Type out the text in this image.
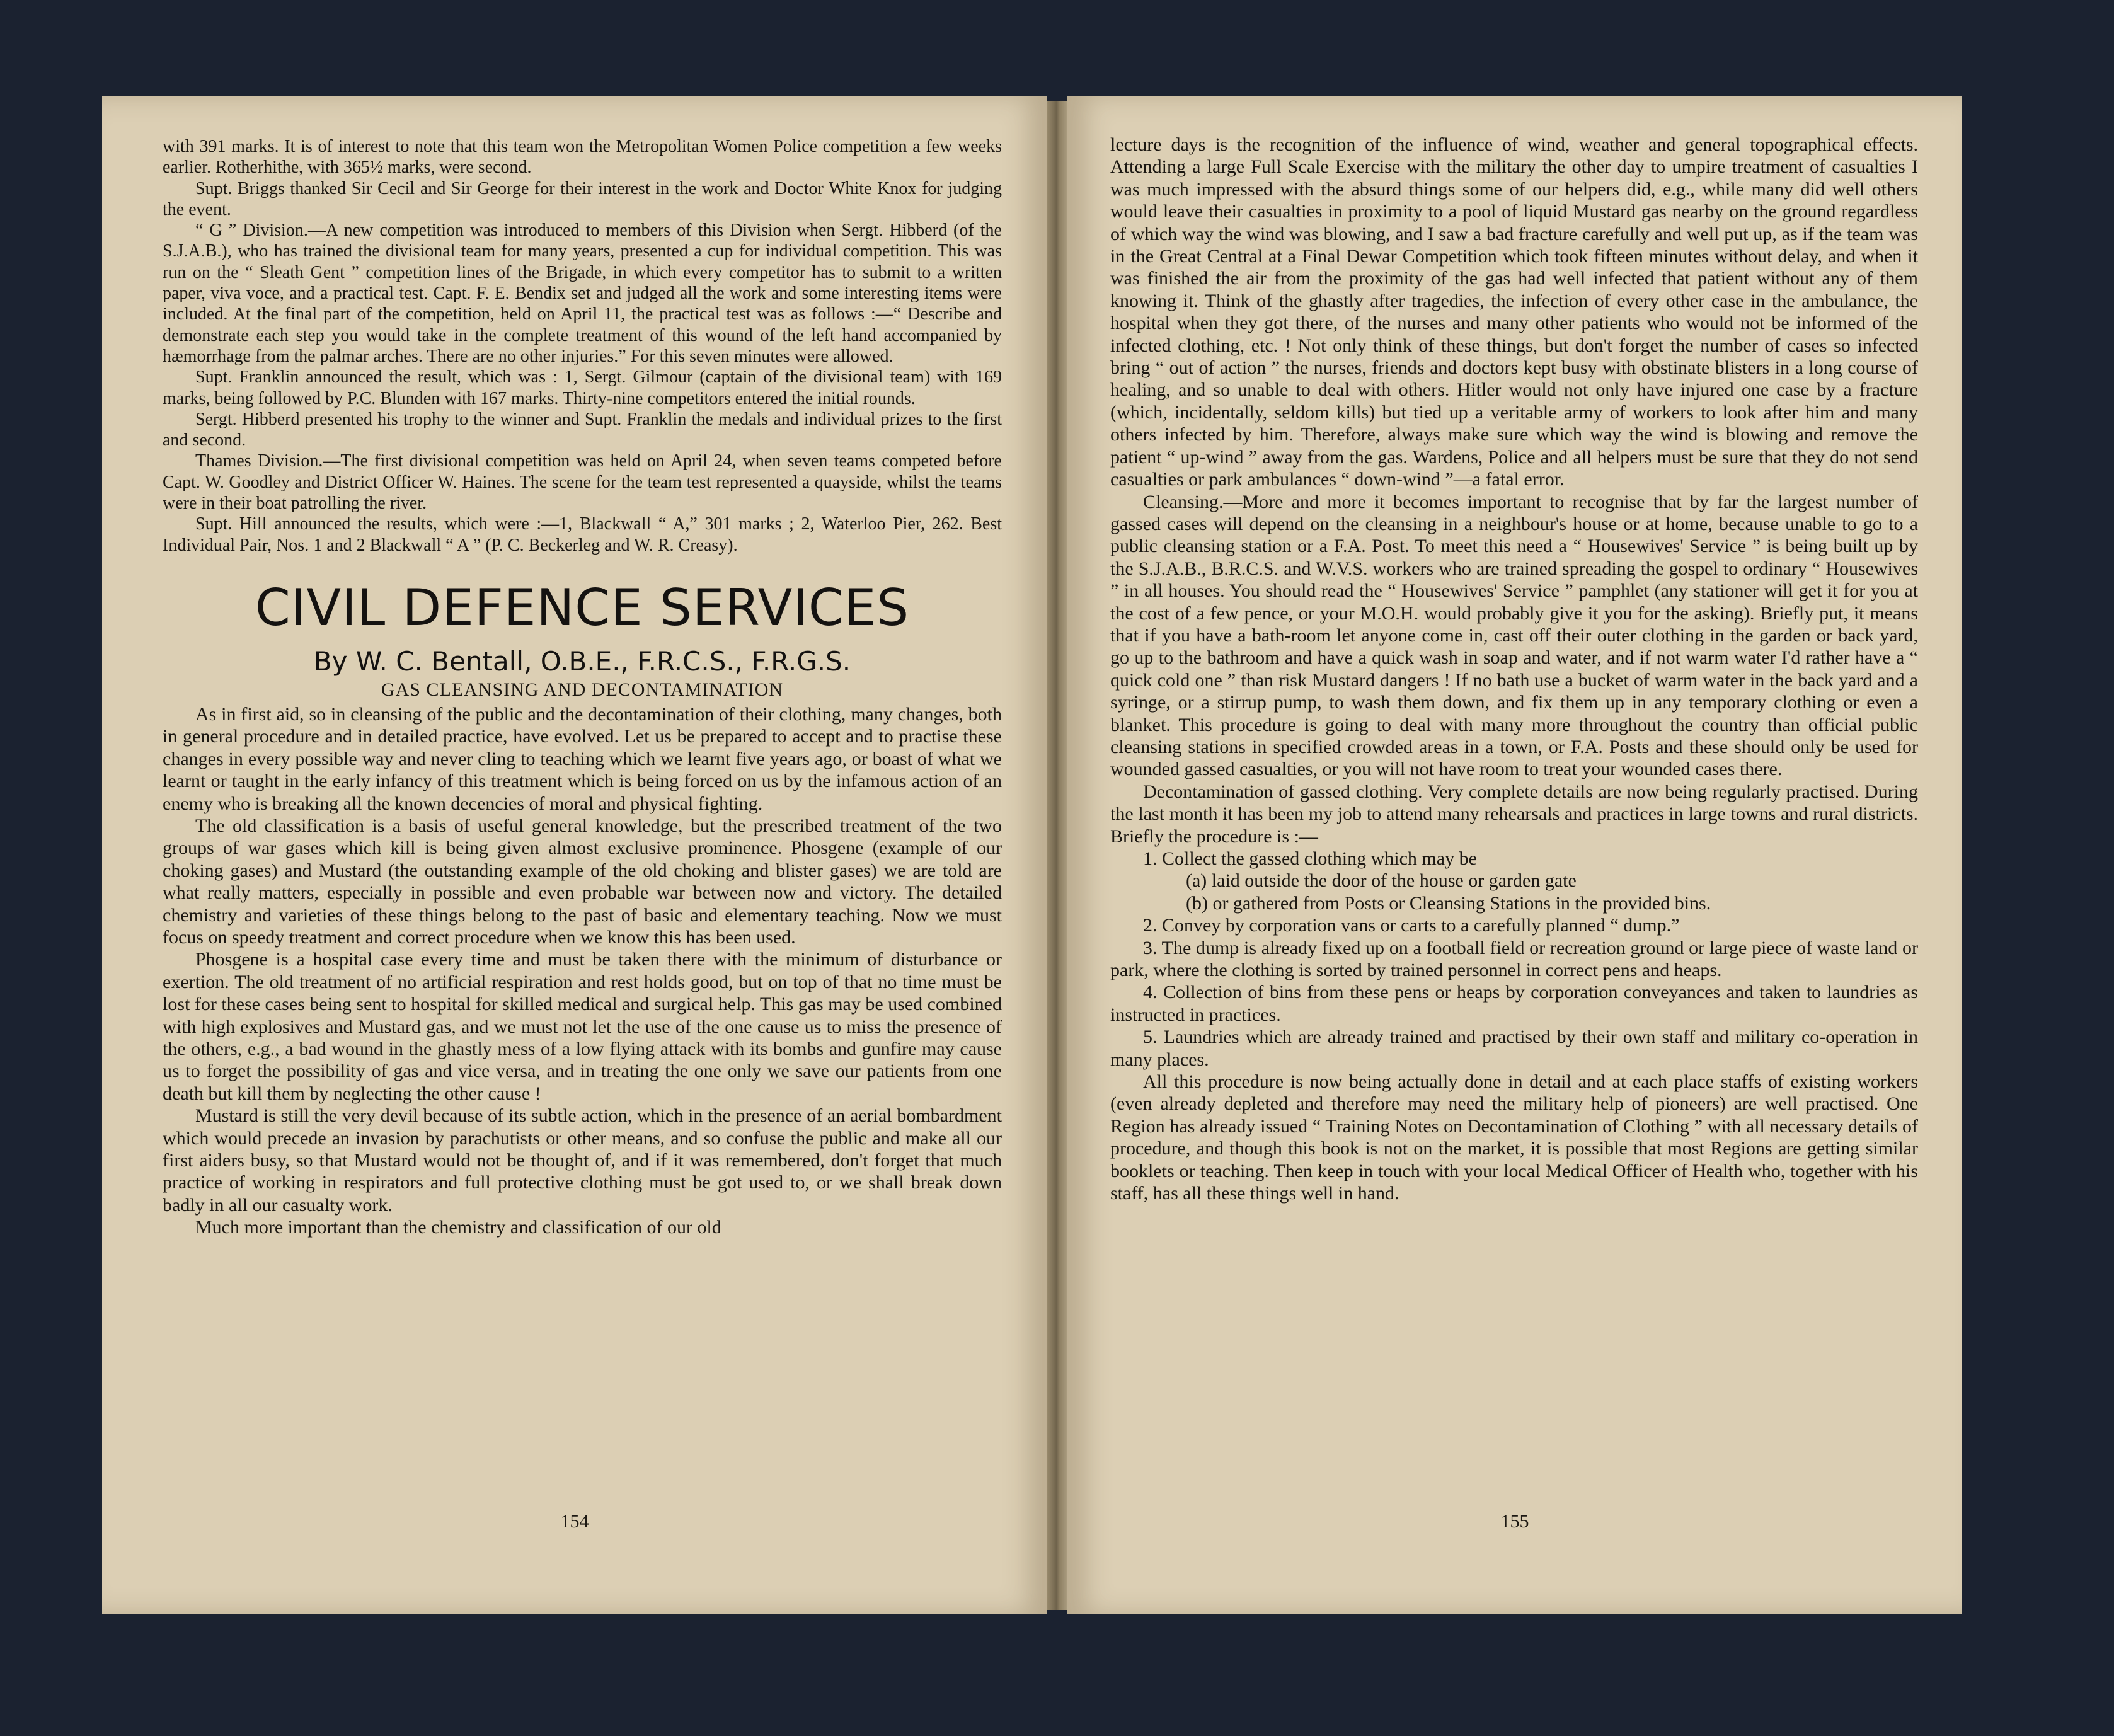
with 391 marks. It is of interest to note that this team won the Metropolitan Women Police competition a few weeks earlier. Rotherhithe, with 365½ marks, were second.

Supt. Briggs thanked Sir Cecil and Sir George for their interest in the work and Doctor White Knox for judging the event.

“ G ” Division.—A new competition was introduced to members of this Division when Sergt. Hibberd (of the S.J.A.B.), who has trained the divisional team for many years, presented a cup for individual competition. This was run on the “ Sleath Gent ” competition lines of the Brigade, in which every competitor has to submit to a written paper, viva voce, and a practical test. Capt. F. E. Bendix set and judged all the work and some interesting items were included. At the final part of the competition, held on April 11, the practical test was as follows :—“ Describe and demonstrate each step you would take in the complete treatment of this wound of the left hand accompanied by hæmorrhage from the palmar arches. There are no other injuries.” For this seven minutes were allowed.

Supt. Franklin announced the result, which was : 1, Sergt. Gilmour (captain of the divisional team) with 169 marks, being followed by P.C. Blunden with 167 marks. Thirty-nine competitors entered the initial rounds.

Sergt. Hibberd presented his trophy to the winner and Supt. Franklin the medals and individual prizes to the first and second.

Thames Division.—The first divisional competition was held on April 24, when seven teams competed before Capt. W. Goodley and District Officer W. Haines. The scene for the team test represented a quayside, whilst the teams were in their boat patrolling the river.

Supt. Hill announced the results, which were :—1, Blackwall “ A,” 301 marks ; 2, Waterloo Pier, 262. Best Individual Pair, Nos. 1 and 2 Blackwall “ A ” (P. C. Beckerleg and W. R. Creasy).

CIVIL DEFENCE SERVICES
By W. C. Bentall, O.B.E., F.R.C.S., F.R.G.S.
GAS CLEANSING AND DECONTAMINATION

As in first aid, so in cleansing of the public and the decontamination of their clothing, many changes, both in general procedure and in detailed practice, have evolved. Let us be prepared to accept and to practise these changes in every possible way and never cling to teaching which we learnt five years ago, or boast of what we learnt or taught in the early infancy of this treatment which is being forced on us by the infamous action of an enemy who is breaking all the known decencies of moral and physical fighting.

The old classification is a basis of useful general knowledge, but the prescribed treatment of the two groups of war gases which kill is being given almost exclusive prominence. Phosgene (example of our choking gases) and Mustard (the outstanding example of the old choking and blister gases) we are told are what really matters, especially in possible and even probable war between now and victory. The detailed chemistry and varieties of these things belong to the past of basic and elementary teaching. Now we must focus on speedy treatment and correct procedure when we know this has been used.

Phosgene is a hospital case every time and must be taken there with the minimum of disturbance or exertion. The old treatment of no artificial respiration and rest holds good, but on top of that no time must be lost for these cases being sent to hospital for skilled medical and surgical help. This gas may be used combined with high explosives and Mustard gas, and we must not let the use of the one cause us to miss the presence of the others, e.g., a bad wound in the ghastly mess of a low flying attack with its bombs and gunfire may cause us to forget the possibility of gas and vice versa, and in treating the one only we save our patients from one death but kill them by neglecting the other cause !

Mustard is still the very devil because of its subtle action, which in the presence of an aerial bombardment which would precede an invasion by parachutists or other means, and so confuse the public and make all our first aiders busy, so that Mustard would not be thought of, and if it was remembered, don't forget that much practice of working in respirators and full protective clothing must be got used to, or we shall break down badly in all our casualty work.

Much more important than the chemistry and classification of our old

154

lecture days is the recognition of the influence of wind, weather and general topographical effects. Attending a large Full Scale Exercise with the military the other day to umpire treatment of casualties I was much impressed with the absurd things some of our helpers did, e.g., while many did well others would leave their casualties in proximity to a pool of liquid Mustard gas nearby on the ground regardless of which way the wind was blowing, and I saw a bad fracture carefully and well put up, as if the team was in the Great Central at a Final Dewar Competition which took fifteen minutes without delay, and when it was finished the air from the proximity of the gas had well infected that patient without any of them knowing it. Think of the ghastly after tragedies, the infection of every other case in the ambulance, the hospital when they got there, of the nurses and many other patients who would not be informed of the infected clothing, etc. ! Not only think of these things, but don't forget the number of cases so infected bring “ out of action ” the nurses, friends and doctors kept busy with obstinate blisters in a long course of healing, and so unable to deal with others. Hitler would not only have injured one case by a fracture (which, incidentally, seldom kills) but tied up a veritable army of workers to look after him and many others infected by him. Therefore, always make sure which way the wind is blowing and remove the patient “ up-wind ” away from the gas. Wardens, Police and all helpers must be sure that they do not send casualties or park ambulances “ down-wind ”—a fatal error.

Cleansing.—More and more it becomes important to recognise that by far the largest number of gassed cases will depend on the cleansing in a neighbour's house or at home, because unable to go to a public cleansing station or a F.A. Post. To meet this need a “ Housewives' Service ” is being built up by the S.J.A.B., B.R.C.S. and W.V.S. workers who are trained spreading the gospel to ordinary “ Housewives ” in all houses. You should read the “ Housewives' Service ” pamphlet (any stationer will get it for you at the cost of a few pence, or your M.O.H. would probably give it you for the asking). Briefly put, it means that if you have a bath-room let anyone come in, cast off their outer clothing in the garden or back yard, go up to the bathroom and have a quick wash in soap and water, and if not warm water I'd rather have a “ quick cold one ” than risk Mustard dangers ! If no bath use a bucket of warm water in the back yard and a syringe, or a stirrup pump, to wash them down, and fix them up in any temporary clothing or even a blanket. This procedure is going to deal with many more throughout the country than official public cleansing stations in specified crowded areas in a town, or F.A. Posts and these should only be used for wounded gassed casualties, or you will not have room to treat your wounded cases there.

Decontamination of gassed clothing. Very complete details are now being regularly practised. During the last month it has been my job to attend many rehearsals and practices in large towns and rural districts. Briefly the procedure is :—

1. Collect the gassed clothing which may be

(a) laid outside the door of the house or garden gate

(b) or gathered from Posts or Cleansing Stations in the provided bins.

2. Convey by corporation vans or carts to a carefully planned “ dump.”

3. The dump is already fixed up on a football field or recreation ground or large piece of waste land or park, where the clothing is sorted by trained personnel in correct pens and heaps.

4. Collection of bins from these pens or heaps by corporation conveyances and taken to laundries as instructed in practices.

5. Laundries which are already trained and practised by their own staff and military co-operation in many places.

All this procedure is now being actually done in detail and at each place staffs of existing workers (even already depleted and therefore may need the military help of pioneers) are well practised. One Region has already issued “ Training Notes on Decontamination of Clothing ” with all necessary details of procedure, and though this book is not on the market, it is possible that most Regions are getting similar booklets or teaching. Then keep in touch with your local Medical Officer of Health who, together with his staff, has all these things well in hand.

155
